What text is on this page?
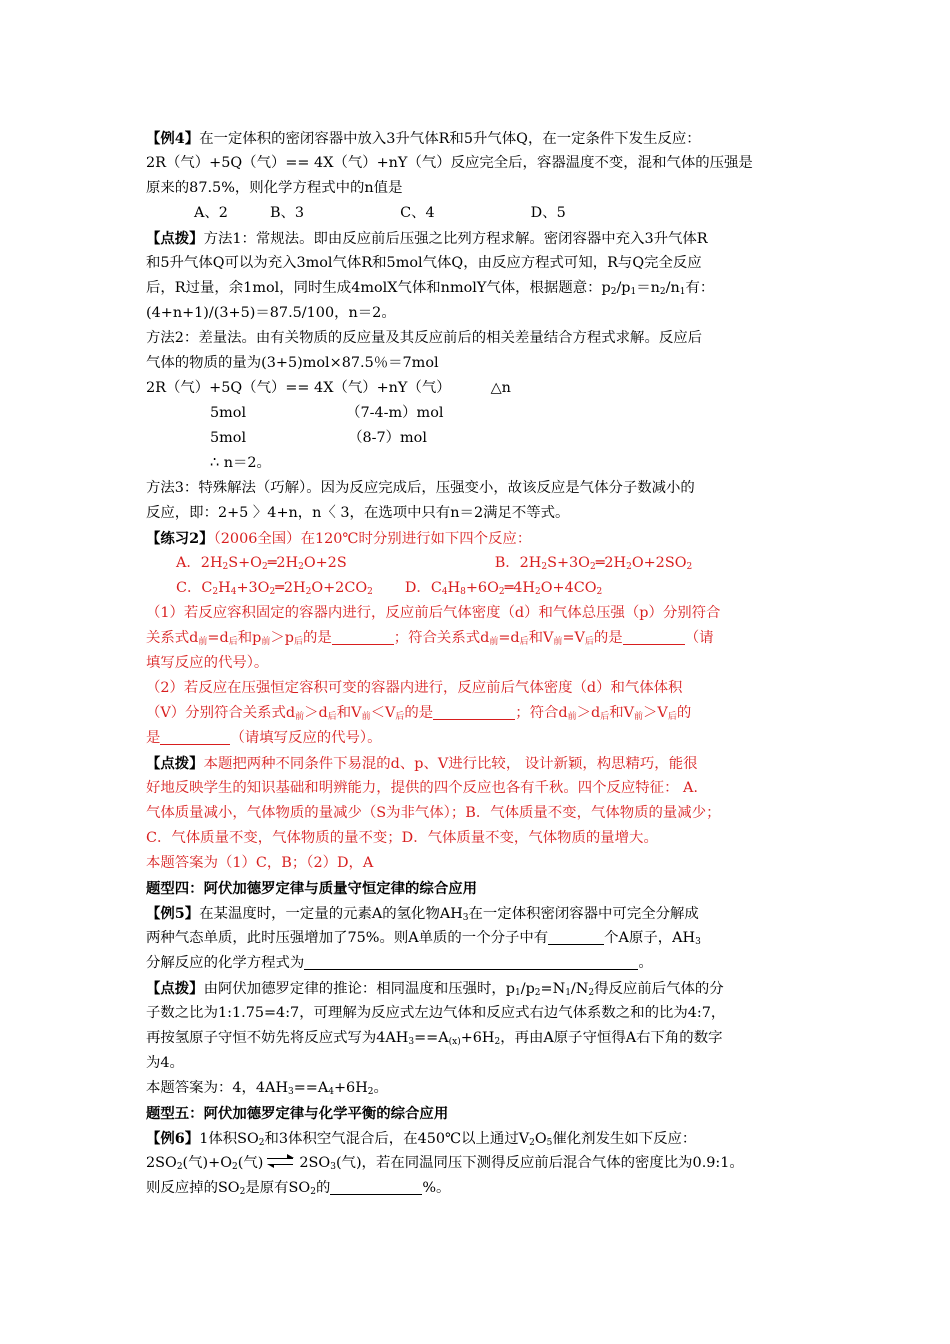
【例4】在一定体积的密闭容器中放入3升气体R和5升气体Q，在一定条件下发生反应：
2R（气）+5Q（气）== 4X（气）+nY（气）反应完全后，容器温度不变，混和气体的压强是
原来的87.5%，则化学方程式中的n值是
A、2	B、3	C、4	D、5
【点拨】方法1：常规法。即由反应前后压强之比列方程求解。密闭容器中充入3升气体R
和5升气体Q可以为充入3mol气体R和5mol气体Q，由反应方程式可知，R与Q完全反应
后，R过量，余1mol，同时生成4molX气体和nmolY气体，根据题意：$p_2/p_1=n_2/n_1$有：
(4+n+1)/(3+5)＝87.5/100，n＝2。
方法2：差量法。由有关物质的反应量及其反应前后的相关差量结合方程式求解。反应后
气体的物质的量为(3+5)mol×87.5％＝7mol
2R（气）+5Q（气）== 4X（气）+nY（气）	△n
5mol	（7-4-m）mol
5mol	（8-7）mol
∴ n＝2。
方法3：特殊解法（巧解）。因为反应完成后，压强变小，故该反应是气体分子数减小的
反应，即：2+5 〉4+n，n〈 3，在选项中只有n＝2满足不等式。
【练习2】（2006全国）在120℃时分别进行如下四个反应：
A．$2H_2S+O_2═2H_2O+2S$	B．$2H_2S+3O_2═2H_2O+2SO_2$
C．$C_2H_4+3O_2═2H_2O+2CO_2$ D．$C_4H_8+6O_2═4H_2O+4CO_2$
（1）若反应容积固定的容器内进行，反应前后气体密度（d）和气体总压强（p）分别符合
关系式$d_前=d_后$和$p_前>p_后$的是	；符合关系式$d_前=d_后$和$V_前=V_后$的是	（请
填写反应的代号）。
（2）若反应在压强恒定容积可变的容器内进行，反应前后气体密度（d）和气体体积
（V）分别符合关系式$d_前>d_后$和$V_前<V_后$的是	；符合$d_前>d_后$和$V_前>V_后$的
是	（请填写反应的代号）。
【点拨】本题把两种不同条件下易混的d、p、V进行比较， 设计新颖，构思精巧，能很
好地反映学生的知识基础和明辨能力，提供的四个反应也各有千秋。四个反应特征： A.
气体质量减小，气体物质的量减少（S为非气体）；B．气体质量不变，气体物质的量减少；
C．气体质量不变，气体物质的量不变；D．气体质量不变，气体物质的量增大。
本题答案为（1）C，B；（2）D，A
题型四：阿伏加德罗定律与质量守恒定律的综合应用
【例5】在某温度时，一定量的元素A的氢化物$AH_3$在一定体积密闭容器中可完全分解成
两种气态单质，此时压强增加了75%。则A单质的一个分子中有	个A原子，$AH_3$
分解反应的化学方程式为	。
【点拨】由阿伏加德罗定律的推论：相同温度和压强时，$p_1/p_2=N_1/N_2$得反应前后气体的分
子数之比为1:1.75=4:7，可理解为反应式左边气体和反应式右边气体系数之和的比为4:7，
再按氢原子守恒不妨先将反应式写为$4AH_3==A_{(x)}+6H_2$，再由A原子守恒得A右下角的数字
为4。
本题答案为：4，$4AH_3==A_4+6H_2$。
题型五：阿伏加德罗定律与化学平衡的综合应用
【例6】1体积$SO_2$和3体积空气混合后，在450℃以上通过$V_2O_5$催化剂发生如下反应：
$2SO_2$(气)$+O_2$(气) ⇌ $2SO_3$(气)，若在同温同压下测得反应前后混合气体的密度比为0.9:1。
则反应掉的$SO_2$是原有$SO_2$的	%。
